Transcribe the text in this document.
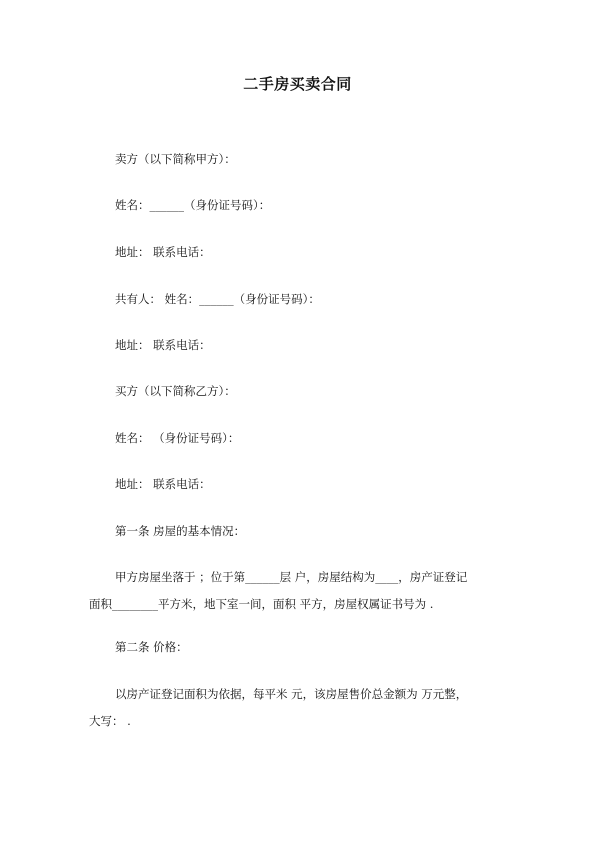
二手房买卖合同
卖方（以下简称甲方）：
姓名：______（身份证号码）：
地址： 联系电话：
共有人： 姓名：______（身份证号码）：
地址： 联系电话：
买方（以下简称乙方）：
姓名： （身份证号码）：
地址： 联系电话：
第一条 房屋的基本情况：
甲方房屋坐落于 ；位于第______层 户，房屋结构为____，房产证登记
面积________平方米，地下室一间，面积 平方，房屋权属证书号为 .
第二条 价格：
以房产证登记面积为依据，每平米 元，该房屋售价总金额为 万元整，
大写： .
